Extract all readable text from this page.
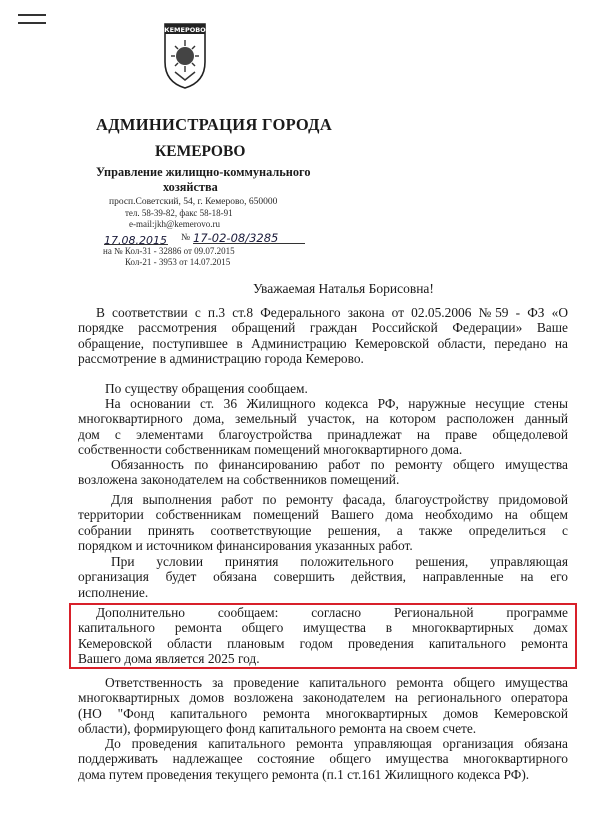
КЕМЕРОВО
АДМИНИСТРАЦИЯ ГОРОДА
КЕМЕРОВО
Управление жилищно-коммунального
хозяйства
просп.Советский, 54, г. Кемерово, 650000
тел. 58-39-82, факс 58-18-91
e-mail:jkh@kemerovo.ru
17.08.2015 № 17-02-08/3285
на № Кол-31 - 32886 от 09.07.2015
Кол-21 - 3953 от 14.07.2015
Уважаемая Наталья Борисовна!
В соответствии с п.3 ст.8 Федерального закона от 02.05.2006 №59 - ФЗ «О
порядке рассмотрения обращений граждан Российской Федерации» Ваше
обращение, поступившее в Администрацию Кемеровской области, передано на
рассмотрение в администрацию города Кемерово.
По существу обращения сообщаем.
На основании ст. 36 Жилищного кодекса РФ, наружные несущие стены
многоквартирного дома, земельный участок, на котором расположен данный
дом с элементами благоустройства принадлежат на праве общедолевой
собственности собственникам помещений многоквартирного дома.
Обязанность по финансированию работ по ремонту общего имущества
возложена законодателем на собственников помещений.
Для выполнения работ по ремонту фасада, благоустройству придомовой
территории собственникам помещений Вашего дома необходимо на общем
собрании принять соответствующие решения, а также определиться с
порядком и источником финансирования указанных работ.
При условии принятия положительного решения, управляющая
организация будет обязана совершить действия, направленные на его
исполнение.
Дополнительно сообщаем: согласно Региональной программе
капитального ремонта общего имущества в многоквартирных домах
Кемеровской области плановым годом проведения капитального ремонта
Вашего дома является 2025 год.
Ответственность за проведение капитального ремонта общего имущества
многоквартирных домов возложена законодателем на регионального оператора
(НО "Фонд капитального ремонта многоквартирных домов Кемеровской
области), формирующего фонд капитального ремонта на своем счете.
До проведения капитального ремонта управляющая организация обязана
поддерживать надлежащее состояние общего имущества многоквартирного
дома путем проведения текущего ремонта (п.1 ст.161 Жилищного кодекса РФ).
